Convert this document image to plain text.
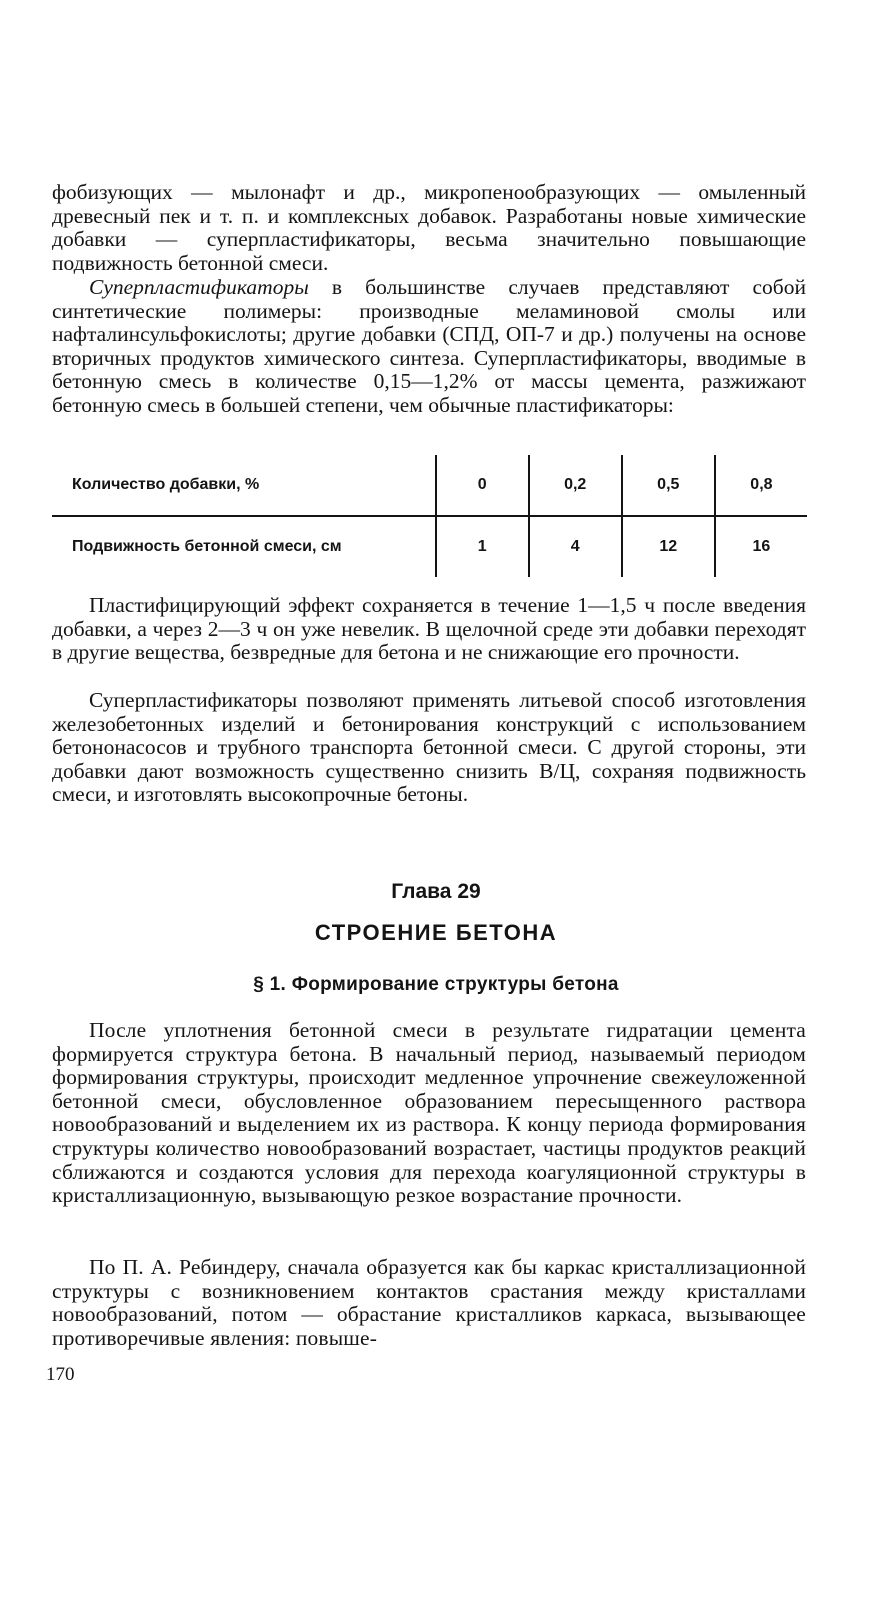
фобизующих — мылонафт и др., микропенообразующих — омыленный древесный пек и т. п. и комплексных добавок. Разработаны новые химические добавки — суперпластификаторы, весьма значительно повышающие подвижность бетонной смеси.

Суперпластификаторы в большинстве случаев представляют собой синтетические полимеры: производные меламиновой смолы или нафталинсульфокислоты; другие добавки (СПД, ОП-7 и др.) получены на основе вторичных продуктов химического синтеза. Суперпластификаторы, вводимые в бетонную смесь в количестве 0,15—1,2% от массы цемента, разжижают бетонную смесь в большей степени, чем обычные пластификаторы:

Количество добавки, %	0	0,2	0,5	0,8
Подвижность бетонной смеси, см	1	4	12	16

Пластифицирующий эффект сохраняется в течение 1—1,5 ч после введения добавки, а через 2—3 ч он уже невелик. В щелочной среде эти добавки переходят в другие вещества, безвредные для бетона и не снижающие его прочности.

Суперпластификаторы позволяют применять литьевой способ изготовления железобетонных изделий и бетонирования конструкций с использованием бетононасосов и трубного транспорта бетонной смеси. С другой стороны, эти добавки дают возможность существенно снизить В/Ц, сохраняя подвижность смеси, и изготовлять высокопрочные бетоны.

Глава 29
СТРОЕНИЕ БЕТОНА
§ 1. Формирование структуры бетона

После уплотнения бетонной смеси в результате гидратации цемента формируется структура бетона. В начальный период, называемый периодом формирования структуры, происходит медленное упрочнение свежеуложенной бетонной смеси, обусловленное образованием пересыщенного раствора новообразований и выделением их из раствора. К концу периода формирования структуры количество новообразований возрастает, частицы продуктов реакций сближаются и создаются условия для перехода коагуляционной структуры в кристаллизационную, вызывающую резкое возрастание прочности.

По П. А. Ребиндеру, сначала образуется как бы каркас кристаллизационной структуры с возникновением контактов срастания между кристаллами новообразований, потом — обрастание кристалликов каркаса, вызывающее противоречивые явления: повыше-

170
